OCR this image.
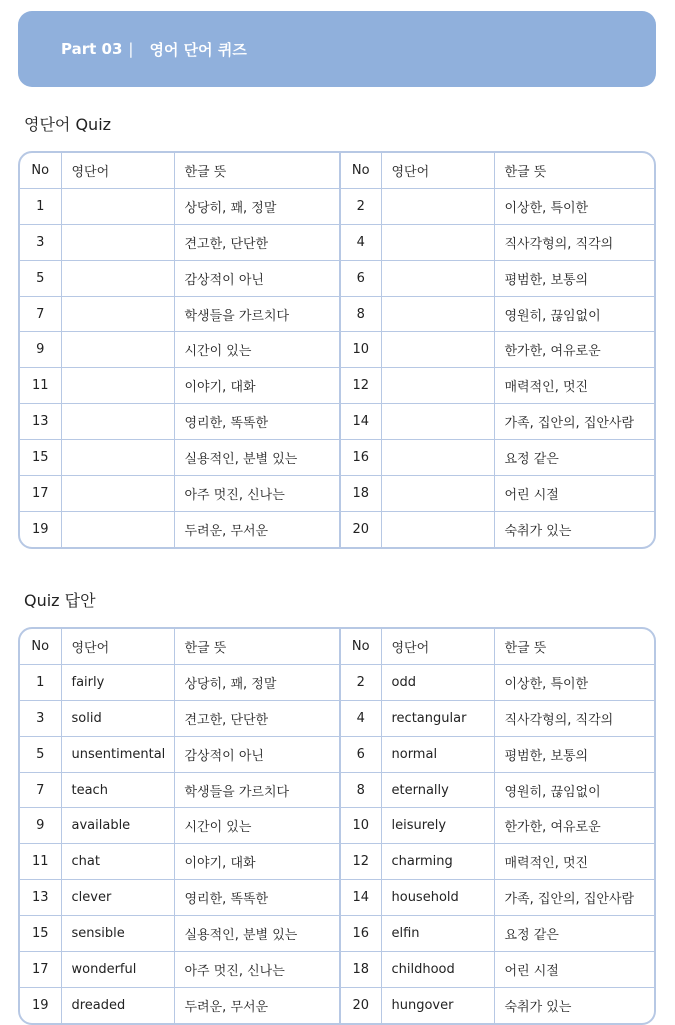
Part 03 | 영어 단어 퀴즈
영단어 Quiz
No	영단어	한글 뜻	No	영단어	한글 뜻
1		상당히, 꽤, 정말	2		이상한, 특이한
3		견고한, 단단한	4		직사각형의, 직각의
5		감상적이 아닌	6		평범한, 보통의
7		학생들을 가르치다	8		영원히, 끊임없이
9		시간이 있는	10		한가한, 여유로운
11		이야기, 대화	12		매력적인, 멋진
13		영리한, 똑똑한	14		가족, 집안의, 집안사람
15		실용적인, 분별 있는	16		요정 같은
17		아주 멋진, 신나는	18		어린 시절
19		두려운, 무서운	20		숙취가 있는
Quiz 답안
No	영단어	한글 뜻	No	영단어	한글 뜻
1	fairly	상당히, 꽤, 정말	2	odd	이상한, 특이한
3	solid	견고한, 단단한	4	rectangular	직사각형의, 직각의
5	unsentimental	감상적이 아닌	6	normal	평범한, 보통의
7	teach	학생들을 가르치다	8	eternally	영원히, 끊임없이
9	available	시간이 있는	10	leisurely	한가한, 여유로운
11	chat	이야기, 대화	12	charming	매력적인, 멋진
13	clever	영리한, 똑똑한	14	household	가족, 집안의, 집안사람
15	sensible	실용적인, 분별 있는	16	elfin	요정 같은
17	wonderful	아주 멋진, 신나는	18	childhood	어린 시절
19	dreaded	두려운, 무서운	20	hungover	숙취가 있는
